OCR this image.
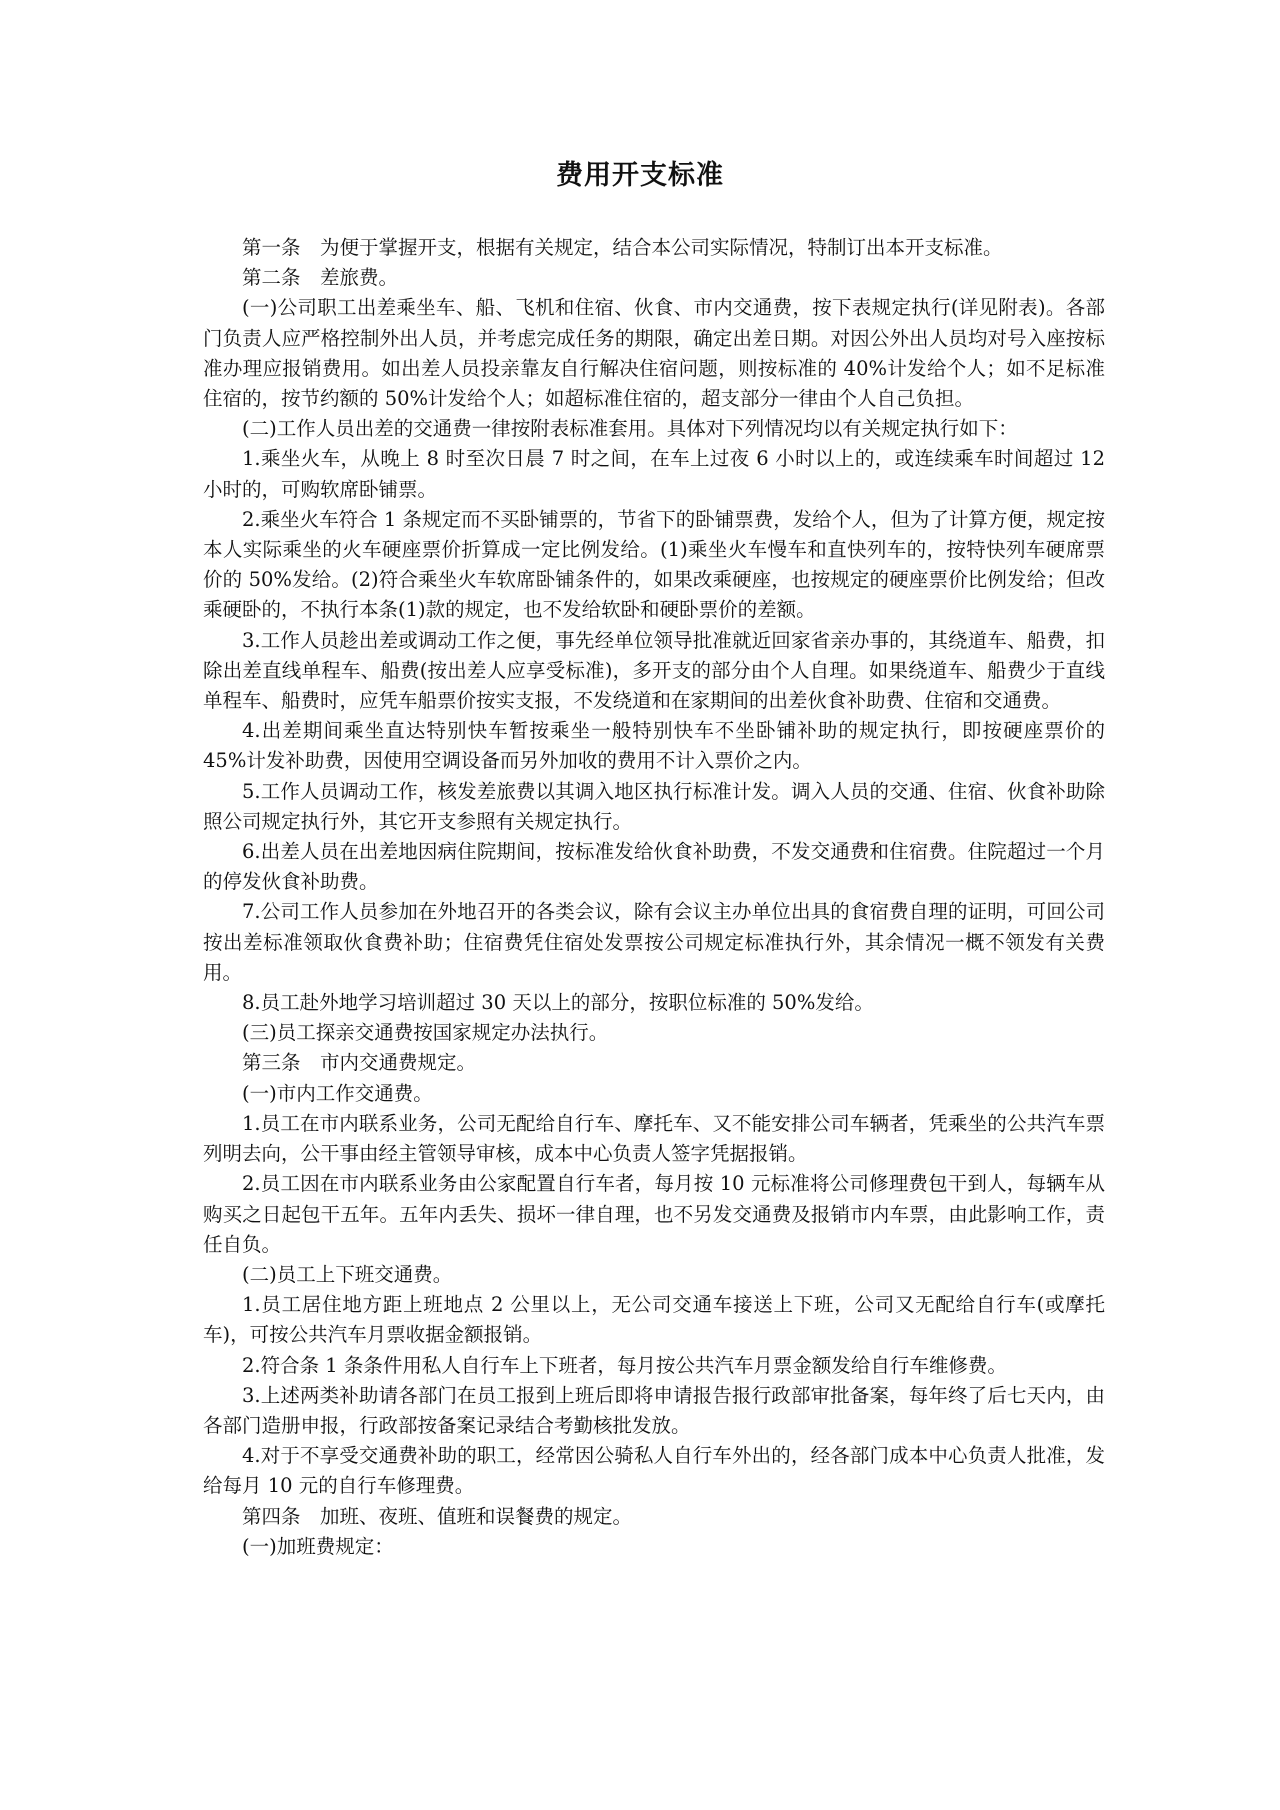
费用开支标准

第一条　为便于掌握开支，根据有关规定，结合本公司实际情况，特制订出本开支标准。

第二条　差旅费。

(一)公司职工出差乘坐车、船、飞机和住宿、伙食、市内交通费，按下表规定执行(详见附表)。各部门负责人应严格控制外出人员，并考虑完成任务的期限，确定出差日期。对因公外出人员均对号入座按标准办理应报销费用。如出差人员投亲靠友自行解决住宿问题，则按标准的 40%计发给个人；如不足标准住宿的，按节约额的 50%计发给个人；如超标准住宿的，超支部分一律由个人自己负担。

(二)工作人员出差的交通费一律按附表标准套用。具体对下列情况均以有关规定执行如下：

1.乘坐火车，从晚上 8 时至次日晨 7 时之间，在车上过夜 6 小时以上的，或连续乘车时间超过 12 小时的，可购软席卧铺票。

2.乘坐火车符合 1 条规定而不买卧铺票的，节省下的卧铺票费，发给个人，但为了计算方便，规定按本人实际乘坐的火车硬座票价折算成一定比例发给。(1)乘坐火车慢车和直快列车的，按特快列车硬席票价的 50%发给。(2)符合乘坐火车软席卧铺条件的，如果改乘硬座，也按规定的硬座票价比例发给；但改乘硬卧的，不执行本条(1)款的规定，也不发给软卧和硬卧票价的差额。

3.工作人员趁出差或调动工作之便，事先经单位领导批准就近回家省亲办事的，其绕道车、船费，扣除出差直线单程车、船费(按出差人应享受标准)，多开支的部分由个人自理。如果绕道车、船费少于直线单程车、船费时，应凭车船票价按实支报，不发绕道和在家期间的出差伙食补助费、住宿和交通费。

4.出差期间乘坐直达特别快车暂按乘坐一般特别快车不坐卧铺补助的规定执行，即按硬座票价的 45%计发补助费，因使用空调设备而另外加收的费用不计入票价之内。

5.工作人员调动工作，核发差旅费以其调入地区执行标准计发。调入人员的交通、住宿、伙食补助除照公司规定执行外，其它开支参照有关规定执行。

6.出差人员在出差地因病住院期间，按标准发给伙食补助费，不发交通费和住宿费。住院超过一个月的停发伙食补助费。

7.公司工作人员参加在外地召开的各类会议，除有会议主办单位出具的食宿费自理的证明，可回公司按出差标准领取伙食费补助；住宿费凭住宿处发票按公司规定标准执行外，其余情况一概不领发有关费用。

8.员工赴外地学习培训超过 30 天以上的部分，按职位标准的 50%发给。

(三)员工探亲交通费按国家规定办法执行。

第三条　市内交通费规定。

(一)市内工作交通费。

1.员工在市内联系业务，公司无配给自行车、摩托车、又不能安排公司车辆者，凭乘坐的公共汽车票列明去向，公干事由经主管领导审核，成本中心负责人签字凭据报销。

2.员工因在市内联系业务由公家配置自行车者，每月按 10 元标准将公司修理费包干到人，每辆车从购买之日起包干五年。五年内丢失、损坏一律自理，也不另发交通费及报销市内车票，由此影响工作，责任自负。

(二)员工上下班交通费。

1.员工居住地方距上班地点 2 公里以上，无公司交通车接送上下班，公司又无配给自行车(或摩托车)，可按公共汽车月票收据金额报销。

2.符合条 1 条条件用私人自行车上下班者，每月按公共汽车月票金额发给自行车维修费。

3.上述两类补助请各部门在员工报到上班后即将申请报告报行政部审批备案，每年终了后七天内，由各部门造册申报，行政部按备案记录结合考勤核批发放。

4.对于不享受交通费补助的职工，经常因公骑私人自行车外出的，经各部门成本中心负责人批准，发给每月 10 元的自行车修理费。

第四条　加班、夜班、值班和误餐费的规定。

(一)加班费规定：
